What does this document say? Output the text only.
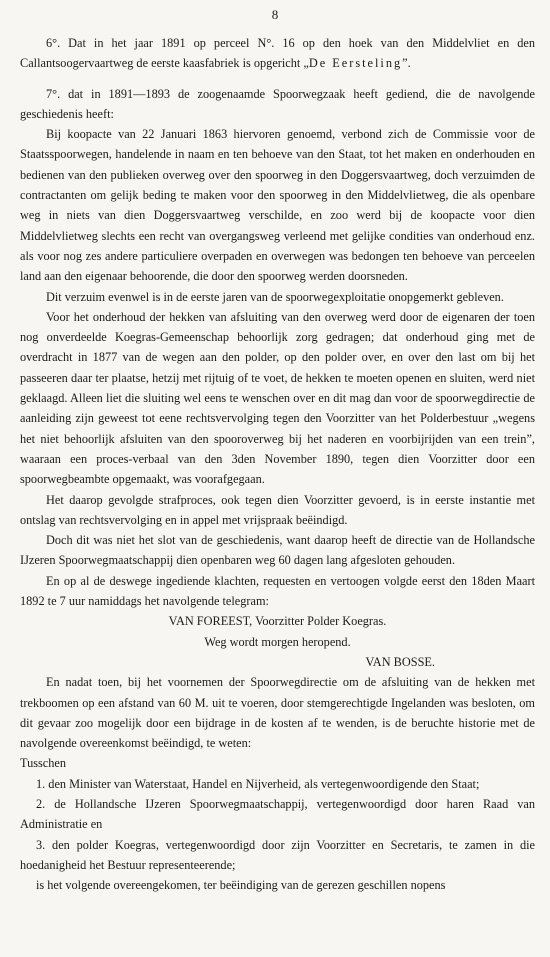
8

6°. Dat in het jaar 1891 op perceel N°. 16 op den hoek van den Middelvliet en den Callantsoogervaartweg de eerste kaasfabriek is opgericht „De Eersteling”.

7°. dat in 1891—1893 de zoogenaamde Spoorwegzaak heeft gediend, die de navolgende geschiedenis heeft:

Bij koopacte van 22 Januari 1863 hiervoren genoemd, verbond zich de Commissie voor de Staatsspoorwegen, handelende in naam en ten behoeve van den Staat, tot het maken en onderhouden en bedienen van den publieken overweg over den spoorweg in den Doggersvaartweg, doch verzuimden de contractanten om gelijk beding te maken voor den spoorweg in den Middelvlietweg, die als openbare weg in niets van dien Doggersvaartweg verschilde, en zoo werd bij de koopacte voor dien Middelvlietweg slechts een recht van overgangsweg verleend met gelijke condities van onderhoud enz. als voor nog zes andere particuliere overpaden en overwegen was bedongen ten behoeve van perceelen land aan den eigenaar behoorende, die door den spoorweg werden doorsneden.

Dit verzuim evenwel is in de eerste jaren van de spoorwegexploitatie onopgemerkt gebleven.

Voor het onderhoud der hekken van afsluiting van den overweg werd door de eigenaren der toen nog onverdeelde Koegras-Gemeenschap behoorlijk zorg gedragen; dat onderhoud ging met de overdracht in 1877 van de wegen aan den polder, op den polder over, en over den last om bij het passeeren daar ter plaatse, hetzij met rijtuig of te voet, de hekken te moeten openen en sluiten, werd niet geklaagd. Alleen liet die sluiting wel eens te wenschen over en dit mag dan voor de spoorwegdirectie de aanleiding zijn geweest tot eene rechtsvervolging tegen den Voorzitter van het Polderbestuur „wegens het niet behoorlijk afsluiten van den spooroverweg bij het naderen en voorbijrijden van een trein”, waaraan een proces-verbaal van den 3den November 1890, tegen dien Voorzitter door een spoorwegbeambte opgemaakt, was voorafgegaan.

Het daarop gevolgde strafproces, ook tegen dien Voorzitter gevoerd, is in eerste instantie met ontslag van rechtsvervolging en in appel met vrijspraak beëindigd.

Doch dit was niet het slot van de geschiedenis, want daarop heeft de directie van de Hollandsche IJzeren Spoorwegmaatschappij dien openbaren weg 60 dagen lang afgesloten gehouden.

En op al de deswege ingediende klachten, requesten en vertoogen volgde eerst den 18den Maart 1892 te 7 uur namiddags het navolgende telegram:

VAN FOREEST, Voorzitter Polder Koegras.

Weg wordt morgen heropend.

VAN BOSSE.

En nadat toen, bij het voornemen der Spoorwegdirectie om de afsluiting van de hekken met trekboomen op een afstand van 60 M. uit te voeren, door stemgerechtigde Ingelanden was besloten, om dit gevaar zoo mogelijk door een bijdrage in de kosten af te wenden, is de beruchte historie met de navolgende overeenkomst beëindigd, te weten:

Tusschen

1. den Minister van Waterstaat, Handel en Nijverheid, als vertegenwoordigende den Staat;

2. de Hollandsche IJzeren Spoorwegmaatschappij, vertegenwoordigd door haren Raad van Administratie en

3. den polder Koegras, vertegenwoordigd door zijn Voorzitter en Secretaris, te zamen in die hoedanigheid het Bestuur representeerende;

is het volgende overeengekomen, ter beëindiging van de gerezen geschillen nopens
